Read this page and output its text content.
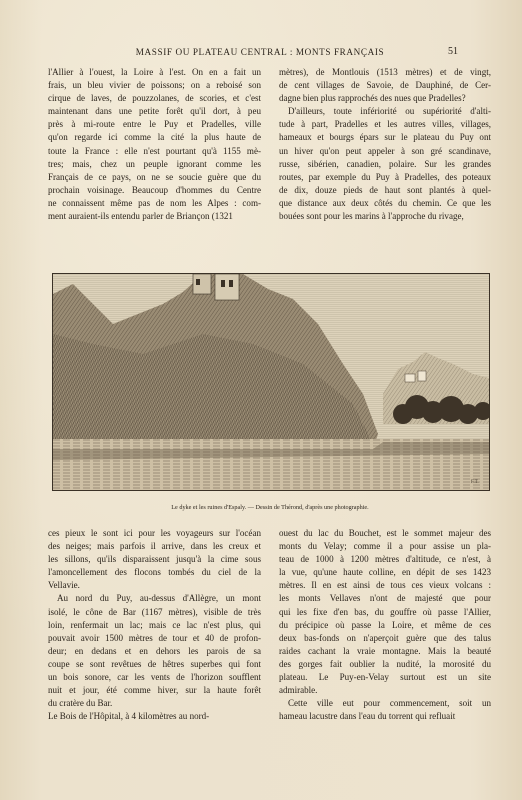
MASSIF OU PLATEAU CENTRAL : MONTS FRANÇAIS	51
l'Allier à l'ouest, la Loire à l'est. On en a fait un
frais, un bleu vivier de poissons; on a reboisé son
cirque de laves, de pouzzolanes, de scories, et c'est
maintenant dans une petite forêt qu'il dort, à peu
près à mi-route entre le Puy et Pradelles, ville
qu'on regarde ici comme la cité la plus haute de
toute la France : elle n'est pourtant qu'à 1155 mè-
tres; mais, chez un peuple ignorant comme les
Français de ce pays, on ne se soucie guère que du
prochain voisinage. Beaucoup d'hommes du Centre
ne connaissent même pas de nom les Alpes : com-
ment auraient-ils entendu parler de Briançon (1321
mètres), de Montlouis (1513 mètres) et de vingt,
de cent villages de Savoie, de Dauphiné, de Cer-
dagne bien plus rapprochés des nues que Pradelles?
D'ailleurs, toute infériorité ou supériorité d'alti-
tude à part, Pradelles et les autres villes, villages,
hameaux et bourgs épars sur le plateau du Puy ont
un hiver qu'on peut appeler à son gré scandinave,
russe, sibérien, canadien, polaire. Sur les grandes
routes, par exemple du Puy à Pradelles, des poteaux
de dix, douze pieds de haut sont plantés à quel-
que distance aux deux côtés du chemin. Ce que les
bouées sont pour les marins à l'approche du rivage,
F.T.
Le dyke et les ruines d'Espaly. — Dessin de Thérond, d'après une photographie.
ces pieux le sont ici pour les voyageurs sur l'océan
des neiges; mais parfois il arrive, dans les creux et
les sillons, qu'ils disparaissent jusqu'à la cime sous
l'amoncellement des flocons tombés du ciel de la
Vellavie.
Au nord du Puy, au-dessus d'Allègre, un mont
isolé, le cône de Bar (1167 mètres), visible de très
loin, renfermait un lac; mais ce lac n'est plus, qui
pouvait avoir 1500 mètres de tour et 40 de profon-
deur; en dedans et en dehors les parois de sa
coupe se sont revêtues de hêtres superbes qui font
un bois sonore, car les vents de l'horizon soufflent
nuit et jour, été comme hiver, sur la haute forêt
du cratère du Bar.
Le Bois de l'Hôpital, à 4 kilomètres au nord-
ouest du lac du Bouchet, est le sommet majeur des
monts du Velay; comme il a pour assise un pla-
teau de 1000 à 1200 mètres d'altitude, ce n'est, à
la vue, qu'une haute colline, en dépit de ses 1423
mètres. Il en est ainsi de tous ces vieux volcans :
les monts Vellaves n'ont de majesté que pour
qui les fixe d'en bas, du gouffre où passe l'Allier,
du précipice où passe la Loire, et même de ces
deux bas-fonds on n'aperçoit guère que des talus
raides cachant la vraie montagne. Mais la beauté
des gorges fait oublier la nudité, la morosité du
plateau. Le Puy-en-Velay surtout est un site
admirable.
Cette ville eut pour commencement, soit un
hameau lacustre dans l'eau du torrent qui refluait
